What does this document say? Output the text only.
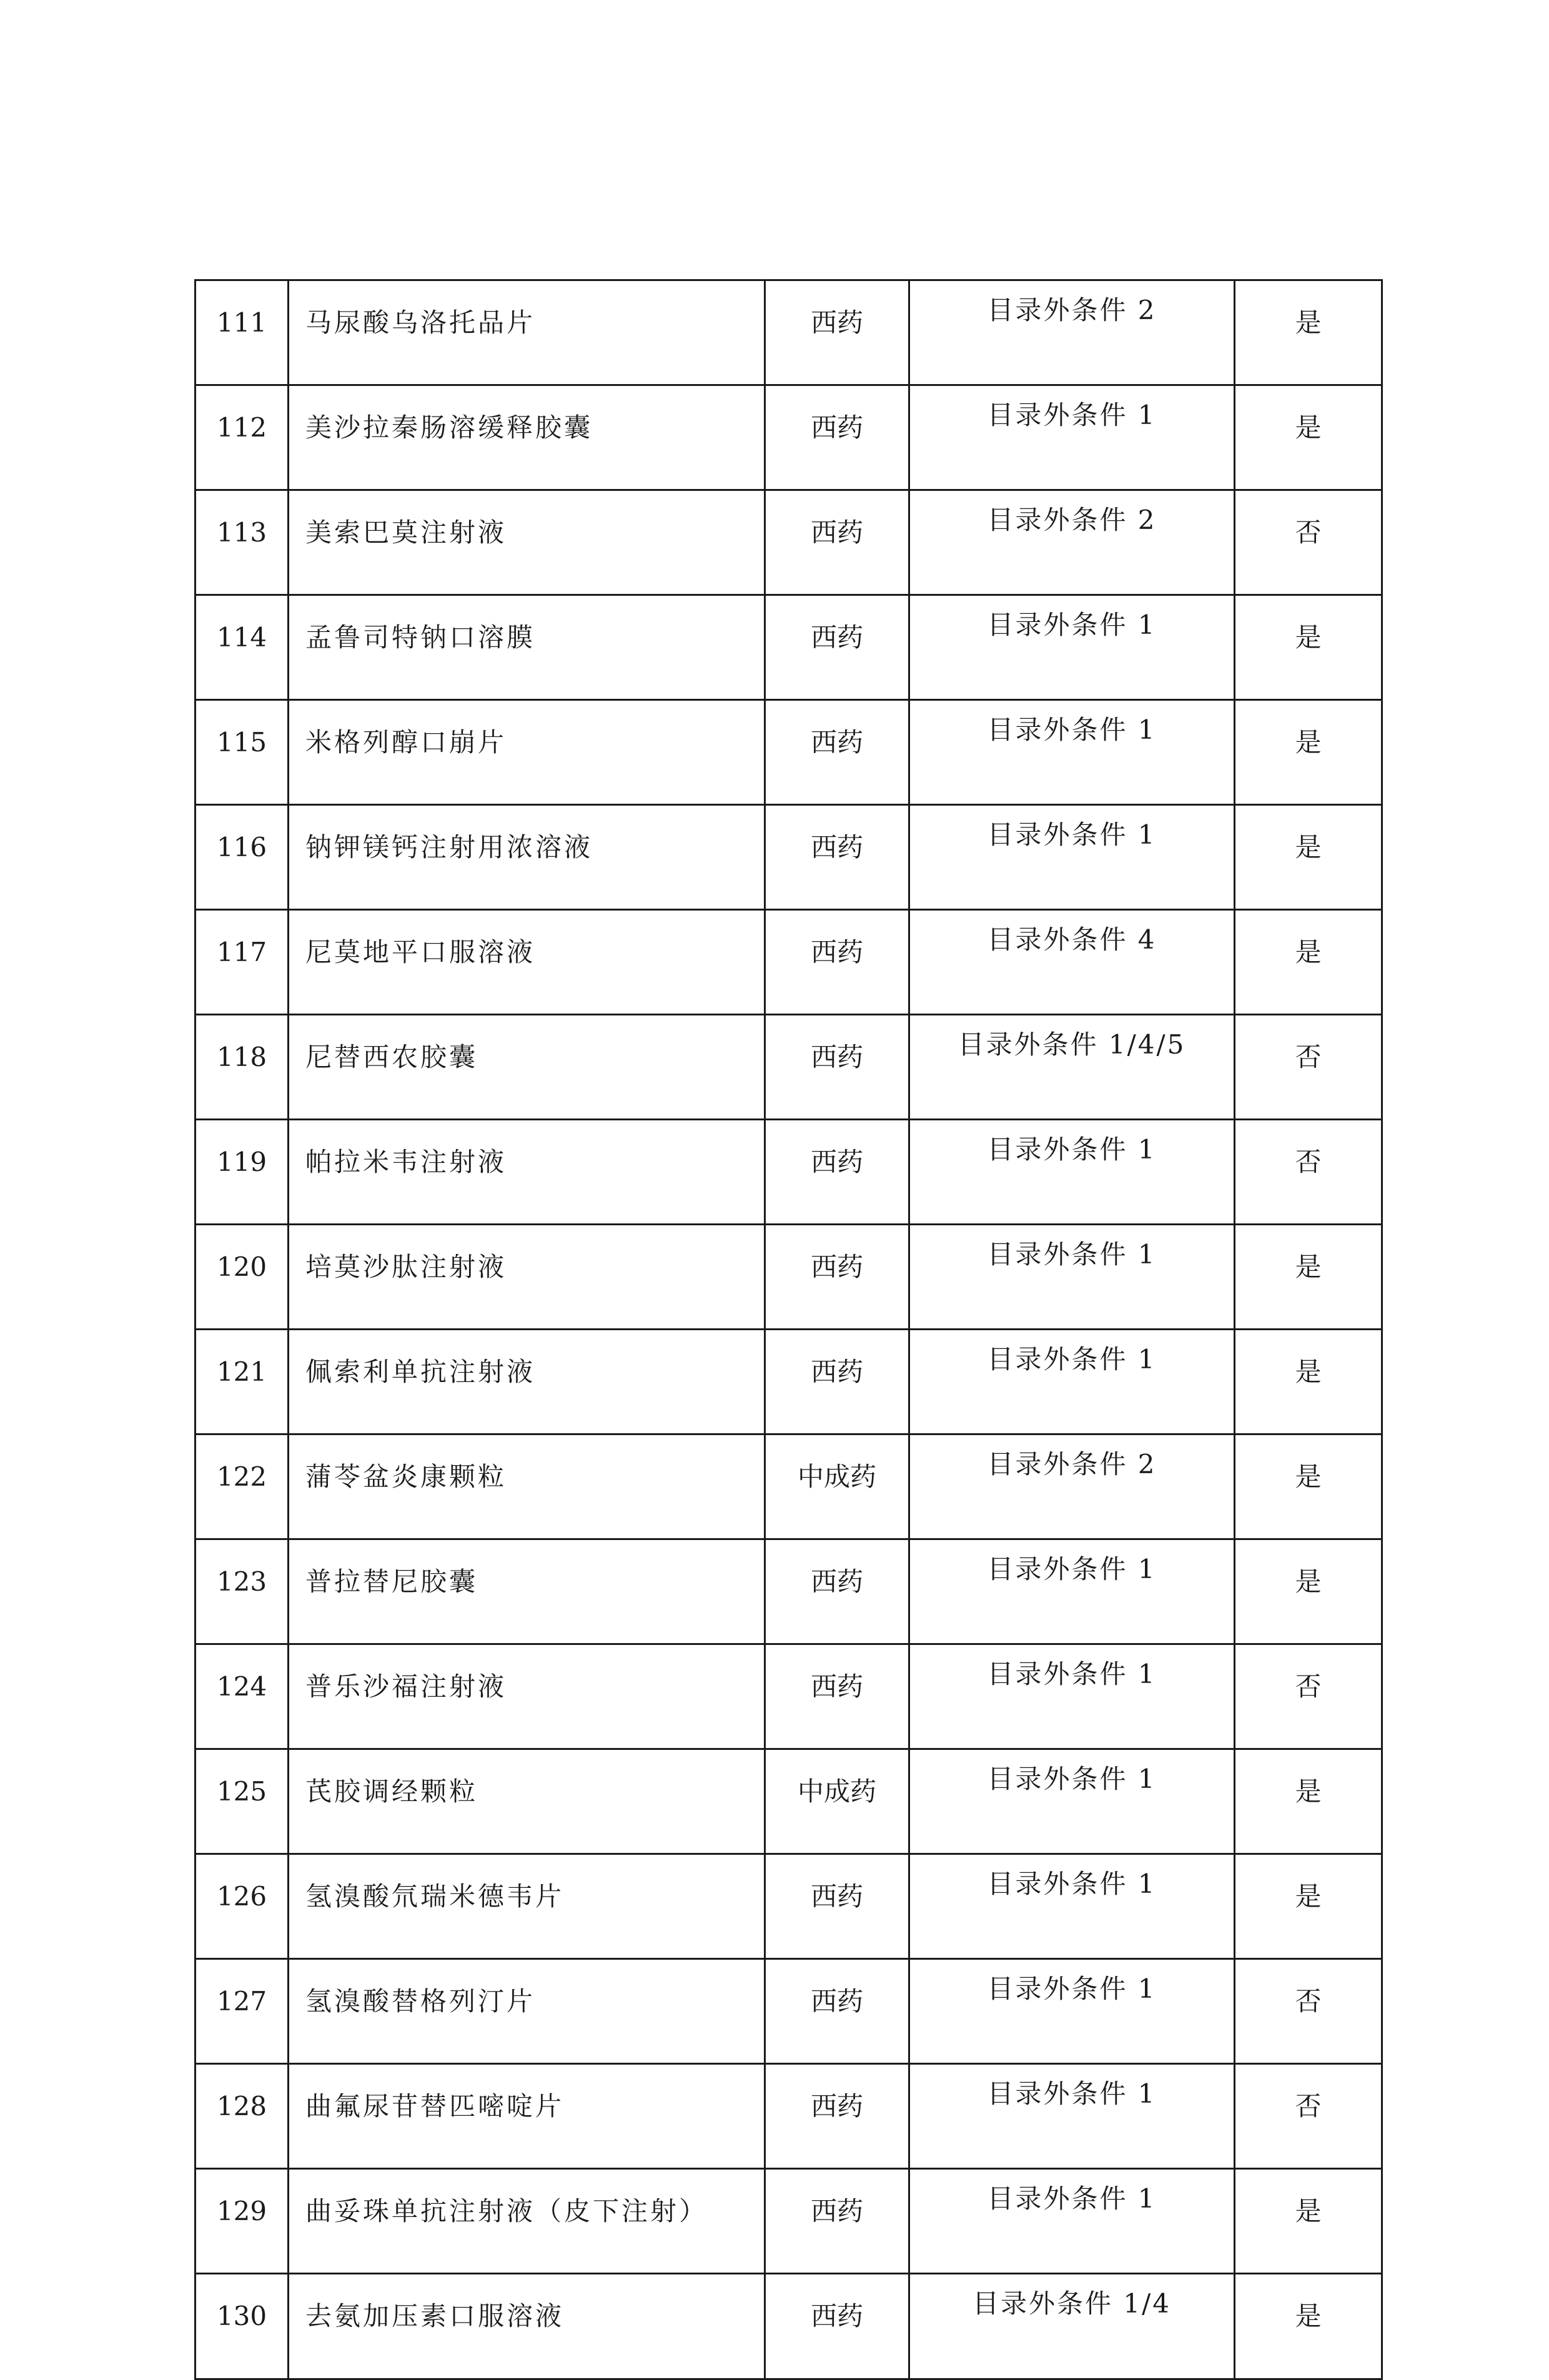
111	马尿酸乌洛托品片	西药	目录外条件 2	是
112	美沙拉秦肠溶缓释胶囊	西药	目录外条件 1	是
113	美索巴莫注射液	西药	目录外条件 2	否
114	孟鲁司特钠口溶膜	西药	目录外条件 1	是
115	米格列醇口崩片	西药	目录外条件 1	是
116	钠钾镁钙注射用浓溶液	西药	目录外条件 1	是
117	尼莫地平口服溶液	西药	目录外条件 4	是
118	尼替西农胶囊	西药	目录外条件 1/4/5	否
119	帕拉米韦注射液	西药	目录外条件 1	否
120	培莫沙肽注射液	西药	目录外条件 1	是
121	佩索利单抗注射液	西药	目录外条件 1	是
122	蒲苓盆炎康颗粒	中成药	目录外条件 2	是
123	普拉替尼胶囊	西药	目录外条件 1	是
124	普乐沙福注射液	西药	目录外条件 1	否
125	芪胶调经颗粒	中成药	目录外条件 1	是
126	氢溴酸氘瑞米德韦片	西药	目录外条件 1	是
127	氢溴酸替格列汀片	西药	目录外条件 1	否
128	曲氟尿苷替匹嘧啶片	西药	目录外条件 1	否
129	曲妥珠单抗注射液（皮下注射）	西药	目录外条件 1	是
130	去氨加压素口服溶液	西药	目录外条件 1/4	是
